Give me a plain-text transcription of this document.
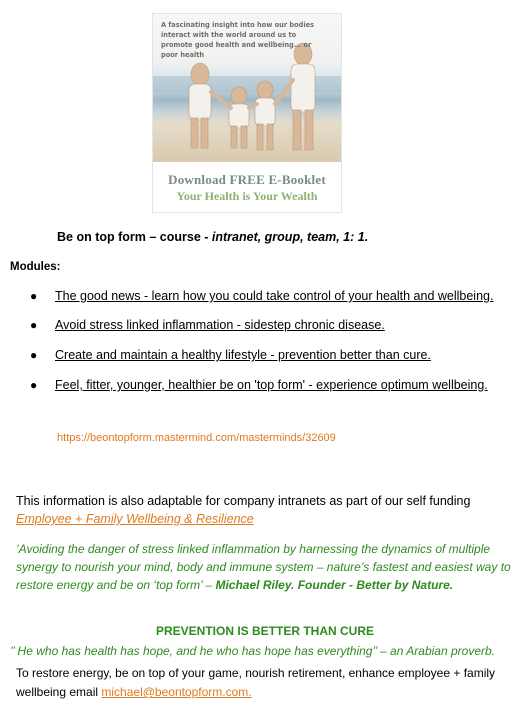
A fascinating insight into how our bodies interact with the world around us to promote good health and wellbeing... or poor health
Download FREE E-Booklet
Your Health is Your Wealth
Be on top form – course - intranet, group, team, 1: 1.
Modules:
● The good news - learn how you could take control of your health and wellbeing.
● Avoid stress linked inflammation - sidestep chronic disease.
● Create and maintain a healthy lifestyle - prevention better than cure.
● Feel, fitter, younger, healthier be on 'top form' - experience optimum wellbeing.
https://beontopform.mastermind.com/masterminds/32609
This information is also adaptable for company intranets as part of our self funding
Employee + Family Wellbeing & Resilience
’Avoiding the danger of stress linked inflammation by harnessing the dynamics of multiple synergy to nourish your mind, body and immune system – nature’s fastest and easiest way to restore energy and be on ‘top form’ – Michael Riley. Founder - Better by Nature.
PREVENTION IS BETTER THAN CURE
’’ He who has health has hope, and he who has hope has everything’’ – an Arabian proverb.
To restore energy, be on top of your game, nourish retirement, enhance employee + family wellbeing email michael@beontopform.com.
